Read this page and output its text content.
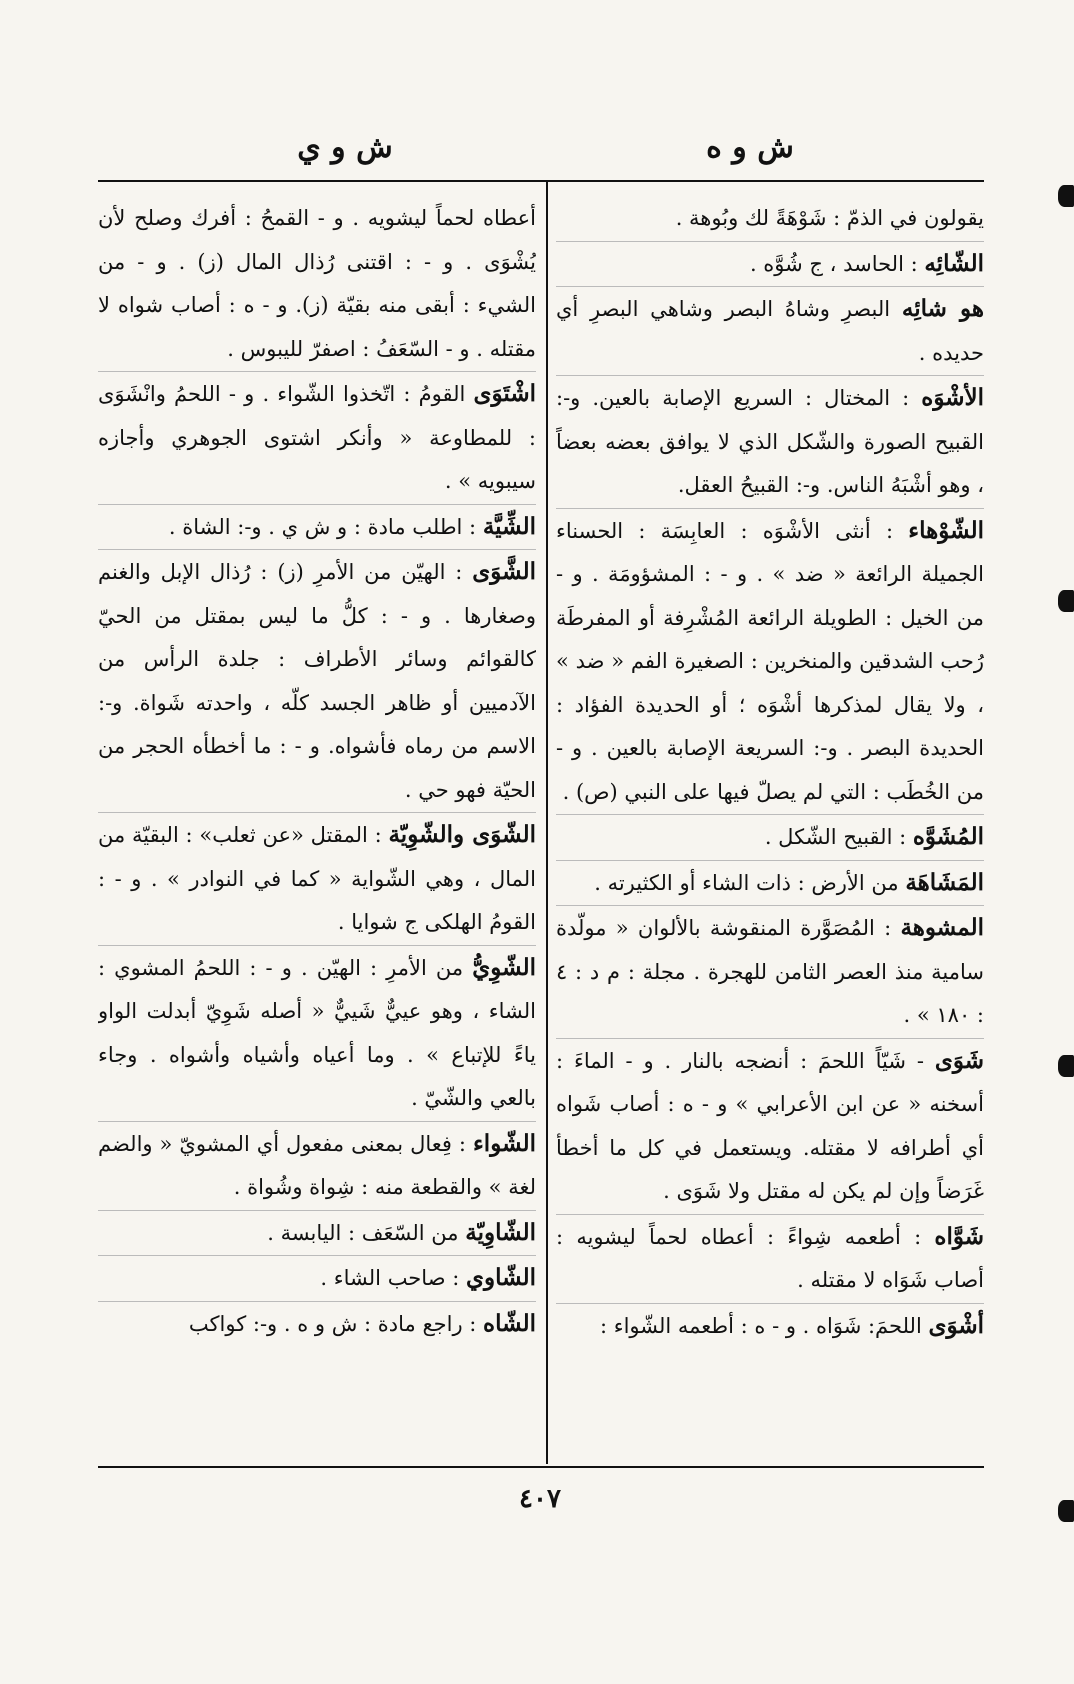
ش و ه
ش و ي

يقولون في الذمّ : شَوْهَةً لك وبُوهة .

الشّائِه : الحاسد ، ج شُوَّه .

هو شائِه البصرِ وشاهُ البصر وشاهي البصرِ أي حديده .

الأشْوَه : المختال : السريع الإصابة بالعين. و-: القبيح الصورة والشّكل الذي لا يوافق بعضه بعضاً ، وهو أشْبَهُ الناس. و-: القبيحُ العقل.

الشّوْهاء : أنثى الأشْوَه : العابِسَة : الحسناء الجميلة الرائعة « ضد » . و - : المشؤومَة . و - من الخيل : الطويلة الرائعة المُشْرِفة أو المفرطَة رُحب الشدقين والمنخرين : الصغيرة الفم « ضد » ، ولا يقال لمذكرها أشْوَه ؛ أو الحديدة الفؤاد : الحديدة البصر . و-: السريعة الإصابة بالعين . و - من الخُطَب : التي لم يصلّ فيها على النبي (ص) .

المُشَوَّه : القبيح الشّكل .

المَشَاهَة من الأرض : ذات الشاء أو الكثيرته .

المشوهة : المُصَوَّرة المنقوشة بالألوان « مولّدة سامية منذ العصر الثامن للهجرة . مجلة : م د : ٤ : ١٨٠ » .

شَوَى - شَيّاً اللحمَ : أنضجه بالنار . و - الماءَ : أسخنه « عن ابن الأعرابي » و - ه : أصاب شَواه أي أطرافه لا مقتله. ويستعمل في كل ما أخطأ غَرَضاً وإن لم يكن له مقتل ولا شَوَى .

شَوَّاه : أطعمه شِواءً : أعطاه لحماً ليشويه : أصاب شَوَاه لا مقتله .

أشْوَى اللحمَ: شَوَاه . و - ه : أطعمه الشّواء :

أعطاه لحماً ليشويه . و - القمحُ : أفرك وصلح لأن يُشْوَى . و - : اقتنى رُذال المال (ز) . و - من الشيء : أبقى منه بقيّة (ز). و - ه : أصاب شواه لا مقتله . و - السّعَفُ : اصفرّ لليبوس .

اشْتَوَى القومُ : اتّخذوا الشّواء . و - اللحمُ وانْشَوَى : للمطاوعة « وأنكر اشتوى الجوهري وأجازه سيبويه » .

الشِّيَّة : اطلب مادة : و ش ي . و-: الشاة .

الشَّوَى : الهيّن من الأمرِ (ز) : رُذال الإبل والغنم وصغارها . و - : كلُّ ما ليس بمقتل من الحيّ كالقوائم وسائر الأطراف : جلدة الرأس من الآدميين أو ظاهر الجسد كلّه ، واحدته شَواة. و-: الاسم من رماه فأشواه. و - : ما أخطأه الحجر من الحيّة فهو حي .

الشّوَى والشّوِيّة : المقتل «عن ثعلب» : البقيّة من المال ، وهي الشّواية « كما في النوادر » . و - : القومُ الهلكى ج شوايا .

الشّوِيُّ من الأمرِ : الهيّن . و - : اللحمُ المشوي : الشاء ، وهو عييٌّ شَييٌّ « أصله شَوِيّ أبدلت الواو ياءً للإتباع » . وما أعياه وأشياه وأشواه . وجاء بالعي والشّيّ .

الشّواء : فِعال بمعنى مفعول أي المشويّ « والضم لغة » والقطعة منه : شِواة وشُواة .

الشّاوِيّة من السّعَف : اليابسة .

الشّاوي : صاحب الشاء .

الشّاه : راجع مادة : ش و ه . و-: كواكب

٤٠٧
